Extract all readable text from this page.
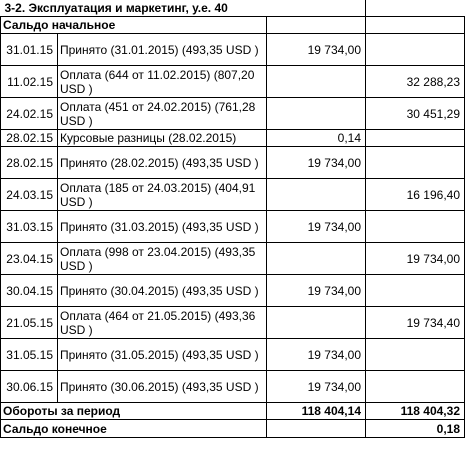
3-2. Эксплуатация и маркетинг, у.е. 40			
Сальдо начальное			
31.01.15	Принято (31.01.2015) (493,35 USD )	19 734,00	
11.02.15	Оплата (644 от 11.02.2015) (807,20 USD )		32 288,23
24.02.15	Оплата (451 от 24.02.2015) (761,28 USD )		30 451,29
28.02.15	Курсовые разницы (28.02.2015)	0,14	
28.02.15	Принято (28.02.2015) (493,35 USD )	19 734,00	
24.03.15	Оплата (185 от 24.03.2015) (404,91 USD )		16 196,40
31.03.15	Принято (31.03.2015) (493,35 USD )	19 734,00	
23.04.15	Оплата (998 от 23.04.2015) (493,35 USD )		19 734,00
30.04.15	Принято (30.04.2015) (493,35 USD )	19 734,00	
21.05.15	Оплата (464 от 21.05.2015) (493,36 USD )		19 734,40
31.05.15	Принято (31.05.2015) (493,35 USD )	19 734,00	
30.06.15	Принято (30.06.2015) (493,35 USD )	19 734,00	
Обороты за период		118 404,14	118 404,32
Сальдо конечное			0,18
